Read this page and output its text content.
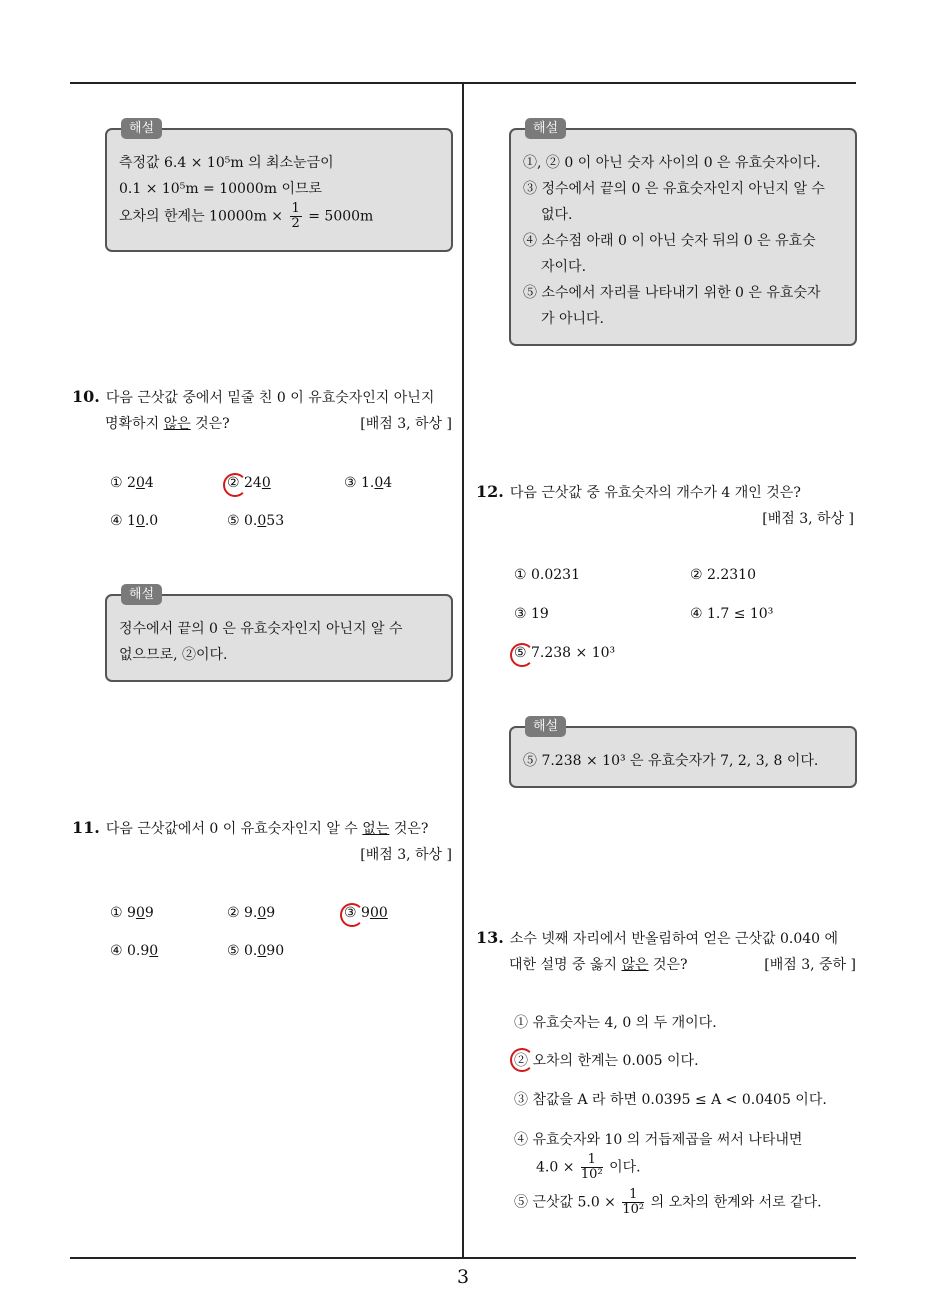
3
해설
측정값 6.4 × 10⁵m 의 최소눈금이
0.1 × 10⁵m = 10000m 이므로
오차의 한계는 $10000m \times \frac{1}{2} = 5000m$
해설
①, ② 0 이 아닌 숫자 사이의 0 은 유효숫자이다.
③ 정수에서 끝의 0 은 유효숫자인지 아닌지 알 수
없다.
④ 소수점 아래 0 이 아닌 숫자 뒤의 0 은 유효숫
자이다.
⑤ 소수에서 자리를 나타내기 위한 0 은 유효숫자
가 아니다.
10. 다음 근삿값 중에서 밑줄 친 0 이 유효숫자인지 아닌지
명확하지 않은 것은?	[배점 3, 하상 ]
① 204	② 240	③ 1.04
④ 10.0	⑤ 0.053
해설
정수에서 끝의 0 은 유효숫자인지 아닌지 알 수
없으므로, ②이다.
11. 다음 근삿값에서 0 이 유효숫자인지 알 수 없는 것은?
[배점 3, 하상 ]
① 909	② 9.09	③ 900
④ 0.90	⑤ 0.090
12. 다음 근삿값 중 유효숫자의 개수가 4 개인 것은?
[배점 3, 하상 ]
① 0.0231	② 2.2310
③ 19	④ 1.7 ≤ 10³
⑤ 7.238 × 10³
해설
⑤ 7.238 × 10³ 은 유효숫자가 7, 2, 3, 8 이다.
13. 소수 넷째 자리에서 반올림하여 얻은 근삿값 0.040 에
대한 설명 중 옳지 않은 것은?	[배점 3, 중하 ]
① 유효숫자는 4, 0 의 두 개이다.
② 오차의 한계는 0.005 이다.
③ 참값을 A 라 하면 0.0395 ≤ A < 0.0405 이다.
④ 유효숫자와 10 의 거듭제곱을 써서 나타내면
$4.0 \times \frac{1}{\text{10²}}$ 이다.
⑤ 근삿값 $5.0 \times \frac{1}{\text{10²}}$ 의 오차의 한계와 서로 같다.
